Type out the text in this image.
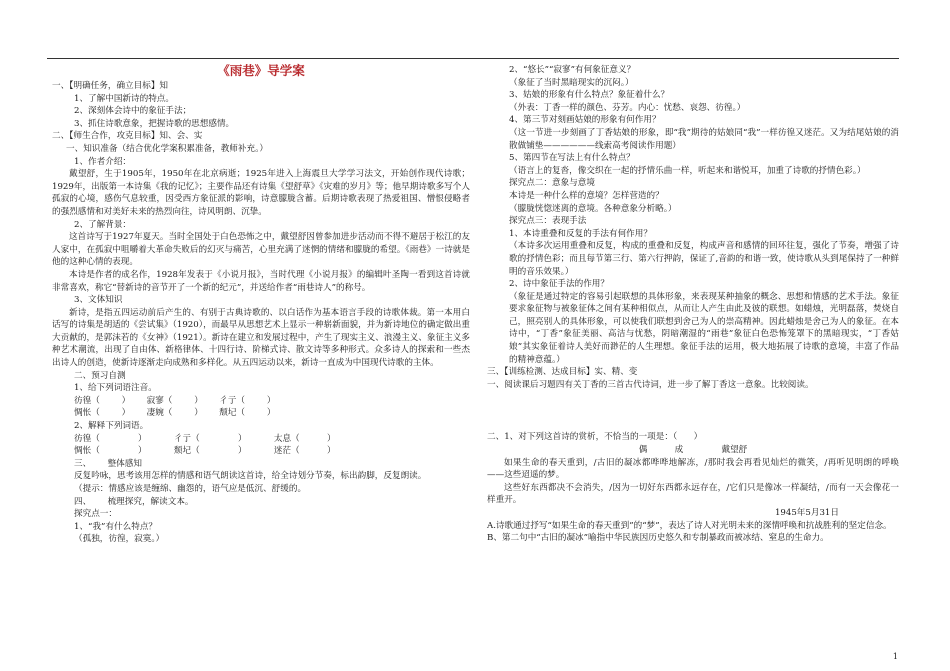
《雨巷》导学案
一、【明确任务，确立目标】知
1、了解中国新诗的特点。
2、深刻体会诗中的象征手法；
3、抓住诗歌意象，把握诗歌的思想感情。
二、【师生合作，攻克目标】知、会、实
一、知识准备（结合优化学案积累准备，教师补充。）
1、作者介绍：
戴望舒，生于1905年，1950年在北京病逝；1925年进入上海震旦大学学习法文，开始创作现代诗歌；1929年，出版第一本诗集《我的记忆》；主要作品还有诗集《望舒草》《灾难的岁月》等；他早期诗歌多写个人孤寂的心境，感伤气息较重，因受西方象征派的影响，诗意朦胧含蓄。后期诗歌表现了热爱祖国、憎恨侵略者的强烈感情和对美好未来的热烈向往，诗风明朗、沉挚。
2、了解背景：
这首诗写于1927年夏天。当时全国处于白色恐怖之中，戴望舒因曾参加进步活动而不得不避居于松江的友人家中，在孤寂中咀嚼着大革命失败后的幻灭与痛苦，心里充满了迷惘的情绪和朦胧的希望。《雨巷》一诗就是他的这种心情的表现。
本诗是作者的成名作，1928年发表于《小说月报》，当时代理《小说月报》的编辑叶圣陶一看到这首诗就非常喜欢，称它“替新诗的音节开了一个新的纪元”，并送给作者“雨巷诗人”的称号。
3、文体知识
新诗，是指五四运动前后产生的、有别于古典诗歌的、以白话作为基本语言手段的诗歌体裁。第一本用白话写的诗集是胡适的《尝试集》（1920），而最早从思想艺术上显示一种崭新面貌，并为新诗地位的确定做出重大贡献的，是郭沫若的《女神》（1921）。新诗在建立和发展过程中，产生了现实主义、浪漫主义、象征主义多种艺术潮流，出现了自由体、新格律体、十四行诗、阶梯式诗、散文诗等多种形式。众多诗人的探索和一些杰出诗人的创造，使新诗逐渐走向成熟和多样化。从五四运动以来，新诗一直成为中国现代诗歌的主体。
二、预习自测
1、给下列词语注音。
彷徨（        ）      寂寥（        ）      彳亍（        ）
惆怅（        ）      凄婉（        ）      颓圮（        ）
2、解释下列词语。
彷徨（              ）          彳亍（              ）          太息（          ）
惆怅（              ）          颓圮（              ）          迷茫（          ）
三、      整体感知
反复吟咏，思考该用怎样的情感和语气朗读这首诗，给全诗划分节奏，标出韵脚，反复朗读。
（提示：情感应该是缠绵、幽怨的，语气应是低沉、舒缓的。
四、      梳理探究，解读文本。
探究点一：
1、“我”有什么特点？
（孤独，彷徨，寂寞。）
2、“悠长”“寂寥”有何象征意义？
（象征了当时黑暗现实的沉闷。）
3、姑娘的形象有什么特点？象征着什么？
（外表：丁香一样的颜色、芬芳。内心：忧愁、哀怨、彷徨。）
4、第三节对刻画姑娘的形象有何作用？
（这一节进一步刻画了丁香姑娘的形象，即“我”期待的姑娘同“我”一样彷徨又迷茫。又为结尾姑娘的消散做铺垫——————线索高考阅读作用题）
5、第四节在写法上有什么特点？
（语言上的复沓，像交织在一起的抒情乐曲一样，听起来和谐悦耳，加重了诗歌的抒情色彩。）
探究点二：意象与意境
本诗是一种什么样的意境？怎样营造的？
（朦胧恍惚迷离的意境。各种意象分析略。）
探究点三：表现手法
1、本诗重叠和反复的手法有何作用？
（本诗多次运用重叠和反复，构成的重叠和反复，构成声音和感情的回环往复，强化了节奏，增强了诗歌的抒情色彩；而且每节第三行、第六行押韵，保证了,音韵的和谐一致，使诗歌从头到尾保持了一种鲜明的音乐效果。）
2、诗中象征手法的作用？
（象征是通过特定的容易引起联想的具体形象，来表现某种抽象的概念、思想和情感的艺术手法。象征要求象征物与被象征体之间有某种相似点，从而让人产生由此及彼的联想。如蜡烛，光明磊落，焚烧自己，照亮别人的具体形象，可以使我们联想到舍己为人的崇高精神。因此蜡烛是舍己为人的象征。在本诗中，“丁香”象征美丽、高洁与忧愁，阴暗潮湿的“雨巷”象征白色恐怖笼罩下的黑暗现实，“丁香姑娘”其实象征着诗人美好而渺茫的人生理想。象征手法的运用，极大地拓展了诗歌的意境，丰富了作品的精神意蕴。）
三、【训练检测、达成目标】实、精、变
一、阅读课后习题四有关丁香的三首古代诗词，进一步了解丁香这一意象。比较阅读。
二、1、对下列这首诗的赏析，不恰当的一项是：（      ）
偶          成              戴望舒
如果生命的春天重到，/古旧的凝冰都哗哗地解冻，/那时我会再看见灿烂的微笑，/再听见明朗的呼唤——这些迢遥的梦。
这些好东西都决不会消失，/因为一切好东西都永远存在，/它们只是像冰一样凝结，/而有一天会像花一样重开。
1945年5月31日
A.诗歌通过抒写“如果生命的春天重到”的“梦”，表达了诗人对光明未来的深情呼唤和抗战胜利的坚定信念。
B、第二句中“古旧的凝冰”喻指中华民族因历史悠久和专制暴政而被冰结、窒息的生命力。
1
